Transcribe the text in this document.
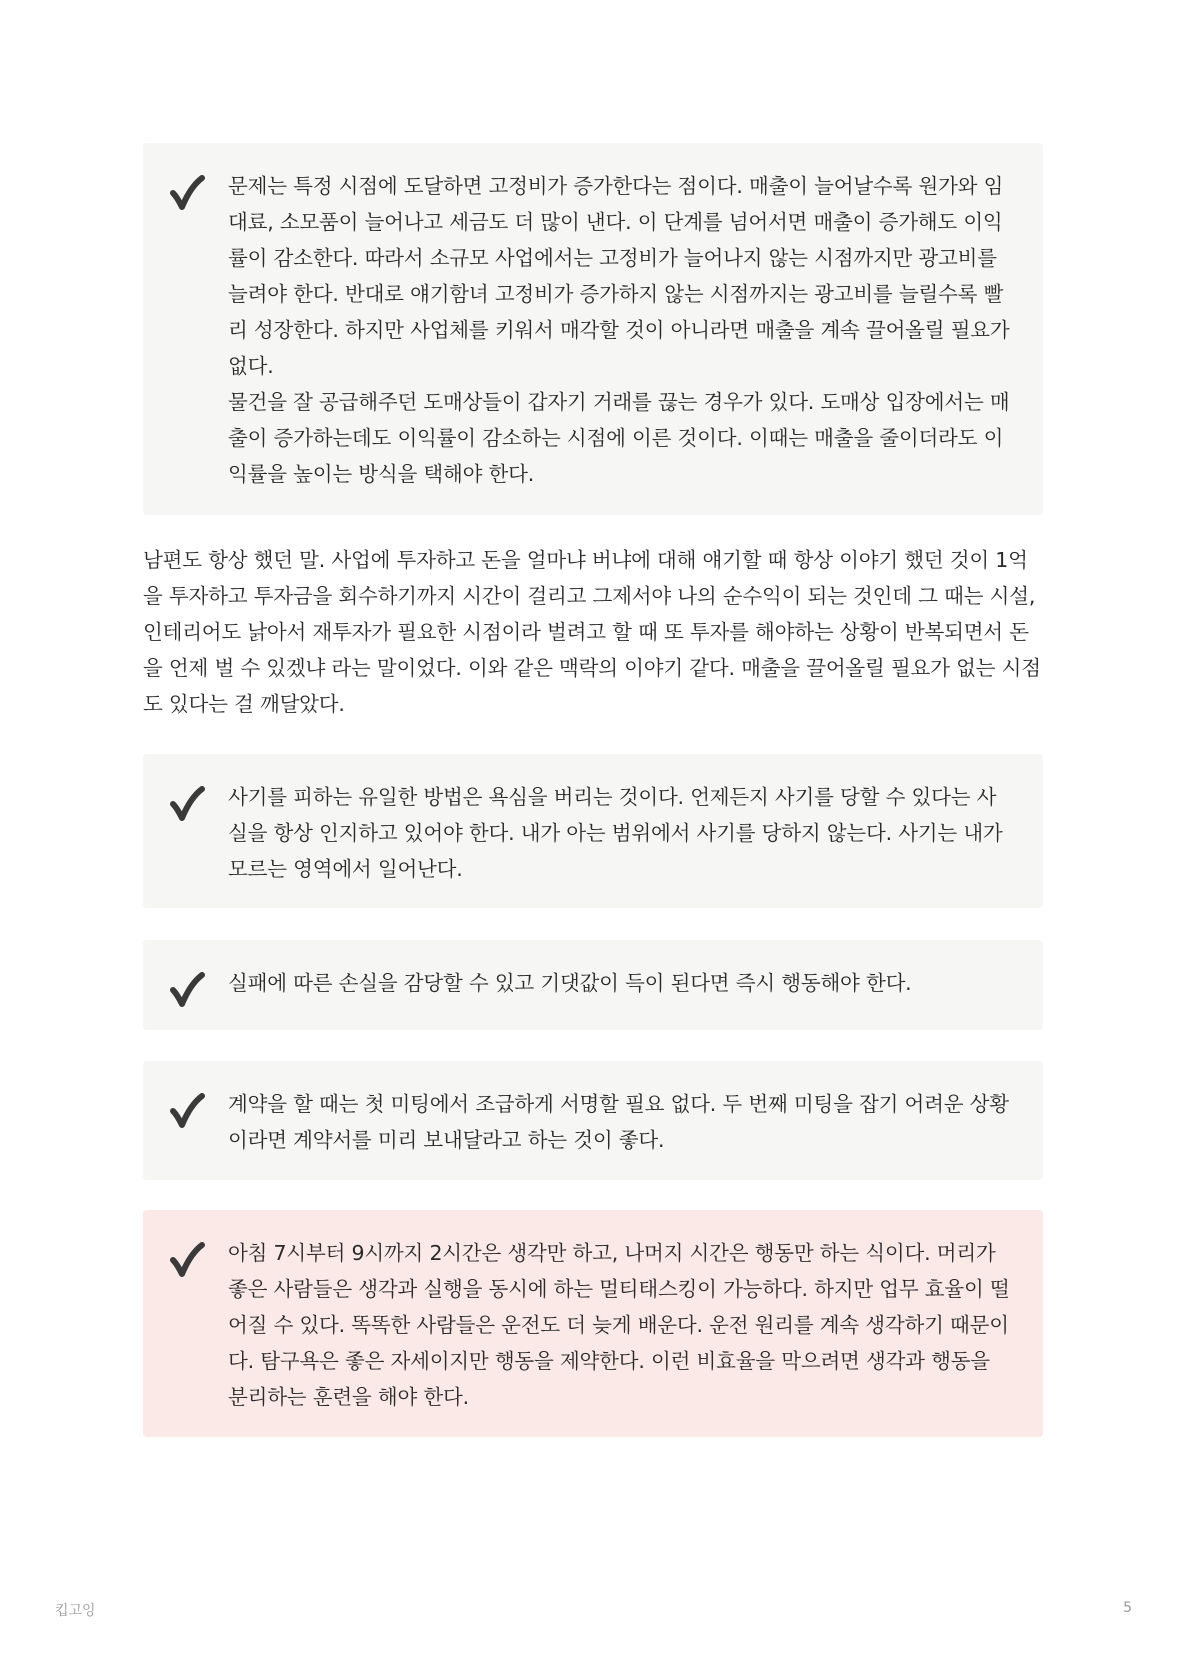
문제는 특정 시점에 도달하면 고정비가 증가한다는 점이다. 매출이 늘어날수록 원가와 임대료, 소모품이 늘어나고 세금도 더 많이 낸다. 이 단계를 넘어서면 매출이 증가해도 이익률이 감소한다. 따라서 소규모 사업에서는 고정비가 늘어나지 않는 시점까지만 광고비를 늘려야 한다. 반대로 얘기함녀 고정비가 증가하지 않는 시점까지는 광고비를 늘릴수록 빨리 성장한다. 하지만 사업체를 키워서 매각할 것이 아니라면 매출을 계속 끌어올릴 필요가 없다.

물건을 잘 공급해주던 도매상들이 갑자기 거래를 끊는 경우가 있다. 도매상 입장에서는 매출이 증가하는데도 이익률이 감소하는 시점에 이른 것이다. 이때는 매출을 줄이더라도 이익률을 높이는 방식을 택해야 한다.

남편도 항상 했던 말. 사업에 투자하고 돈을 얼마냐 버냐에 대해 얘기할 때 항상 이야기 했던 것이 1억을 투자하고 투자금을 회수하기까지 시간이 걸리고 그제서야 나의 순수익이 되는 것인데 그 때는 시설, 인테리어도 낡아서 재투자가 필요한 시점이라 벌려고 할 때 또 투자를 해야하는 상황이 반복되면서 돈을 언제 벌 수 있겠냐 라는 말이었다. 이와 같은 맥락의 이야기 같다. 매출을 끌어올릴 필요가 없는 시점도 있다는 걸 깨달았다.

사기를 피하는 유일한 방법은 욕심을 버리는 것이다. 언제든지 사기를 당할 수 있다는 사실을 항상 인지하고 있어야 한다. 내가 아는 범위에서 사기를 당하지 않는다. 사기는 내가 모르는 영역에서 일어난다.

실패에 따른 손실을 감당할 수 있고 기댓값이 득이 된다면 즉시 행동해야 한다.

계약을 할 때는 첫 미팅에서 조급하게 서명할 필요 없다. 두 번째 미팅을 잡기 어려운 상황이라면 계약서를 미리 보내달라고 하는 것이 좋다.

아침 7시부터 9시까지 2시간은 생각만 하고, 나머지 시간은 행동만 하는 식이다. 머리가 좋은 사람들은 생각과 실행을 동시에 하는 멀티태스킹이 가능하다. 하지만 업무 효율이 떨어질 수 있다. 똑똑한 사람들은 운전도 더 늦게 배운다. 운전 원리를 계속 생각하기 때문이다. 탐구욕은 좋은 자세이지만 행동을 제약한다. 이런 비효율을 막으려면 생각과 행동을 분리하는 훈련을 해야 한다.

킵고잉	5
